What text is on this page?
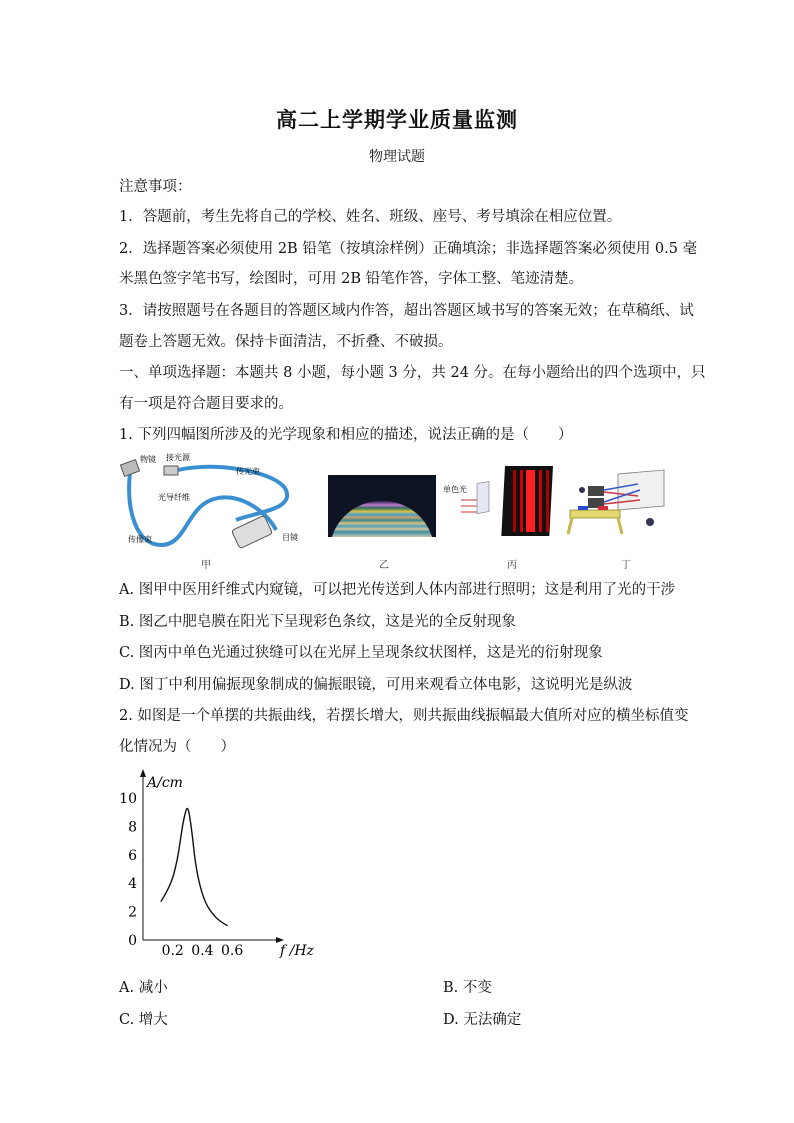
高二上学期学业质量监测
物理试题
注意事项：
1．答题前，考生先将自己的学校、姓名、班级、座号、考号填涂在相应位置。
2．选择题答案必须使用 2B 铅笔（按填涂样例）正确填涂；非选择题答案必须使用 0.5 毫
米黑色签字笔书写，绘图时，可用 2B 铅笔作答，字体工整、笔迹清楚。
3．请按照题号在各题目的答题区域内作答，超出答题区域书写的答案无效；在草稿纸、试
题卷上答题无效。保持卡面清洁，不折叠、不破损。
一、单项选择题：本题共 8 小题，每小题 3 分，共 24 分。在每小题给出的四个选项中，只
有一项是符合题目要求的。
1. 下列四幅图所涉及的光学现象和相应的描述，说法正确的是（　　）
物镜 接光源
传光束
光导纤维
传像束	目镜
甲	乙
单色光
丙	丁
A. 图甲中医用纤维式内窥镜，可以把光传送到人体内部进行照明；这是利用了光的干涉
B. 图乙中肥皂膜在阳光下呈现彩色条纹，这是光的全反射现象
C. 图丙中单色光通过狭缝可以在光屏上呈现条纹状图样，这是光的衍射现象
D. 图丁中利用偏振现象制成的偏振眼镜，可用来观看立体电影，这说明光是纵波
2. 如图是一个单摆的共振曲线，若摆长增大，则共振曲线振幅最大值所对应的横坐标值变
化情况为（　　）
0
2
4
6
8
10
0.2 0.4 0.6
A/cm
f /Hz
A. 减小	B. 不变
C. 增大	D. 无法确定
